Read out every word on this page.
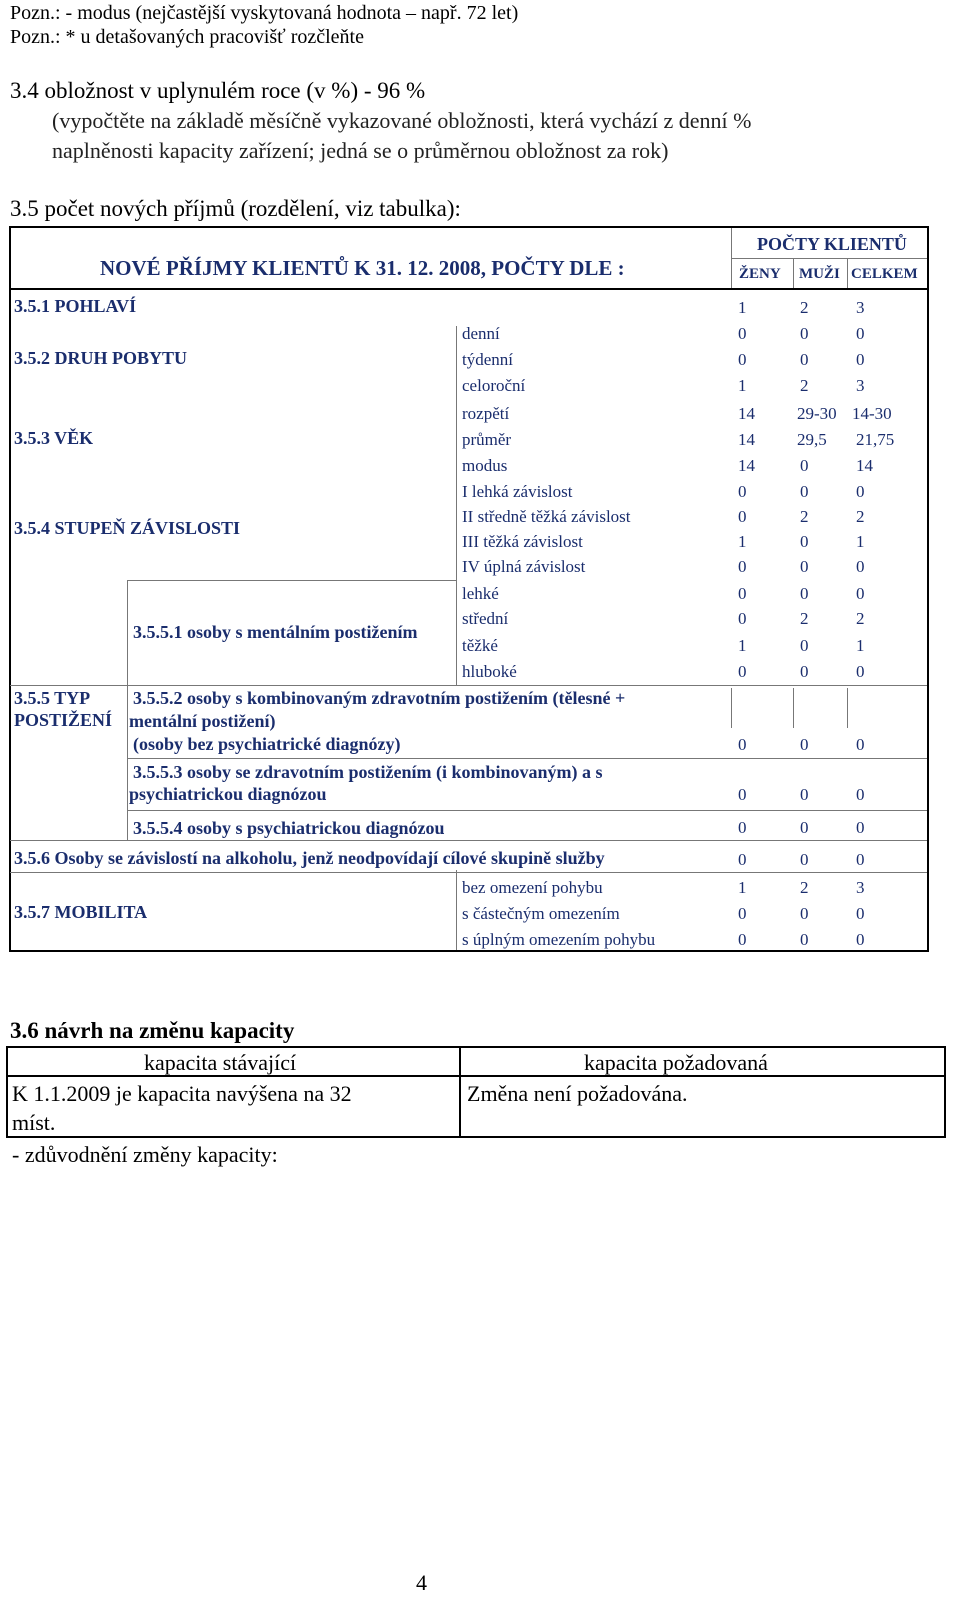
Pozn.: - modus (nejčastější vyskytovaná hodnota – např. 72 let)
Pozn.: * u detašovaných pracovišť rozčleňte
3.4 obložnost v uplynulém roce (v %) - 96 %
(vypočtěte na základě měsíčně vykazované obložnosti, která vychází z denní %
naplněnosti kapacity zařízení; jedná se o průměrnou obložnost za rok)
3.5 počet nových příjmů (rozdělení, viz tabulka):
NOVÉ PŘÍJMY KLIENTŮ K 31. 12. 2008, POČTY DLE :
POČTY KLIENTŮ
ŽENY MUŽI CELKEM
3.5.1 POHLAVÍ	1	2	3
3.5.2 DRUH POBYTU
denní	0	0	0
týdenní	0	0	0
celoroční	1	2	3
3.5.3 VĚK
rozpětí	14 29-30 14-30
průměr	14 29,5 21,75
modus	14	0	14
3.5.4 STUPEŇ ZÁVISLOSTI
I lehká závislost	0	0	0
II středně těžká závislost	0	2	2
III těžká závislost	1	0	1
IV úplná závislost	0	0	0
3.5.5 TYP
POSTIŽENÍ
3.5.5.1 osoby s mentálním postižením
lehké	0	0	0
střední	0	2	2
těžké	1	0	1
hluboké	0	0	0
3.5.5.2 osoby s kombinovaným zdravotním postižením (tělesné +
mentální postižení)
(osoby bez psychiatrické diagnózy)	0	0	0
3.5.5.3 osoby se zdravotním postižením (i kombinovaným) a s
psychiatrickou diagnózou	0	0	0
3.5.5.4 osoby s psychiatrickou diagnózou	0	0	0
3.5.6 Osoby se závislostí na alkoholu, jenž neodpovídají cílové skupině služby	0	0	0
3.5.7 MOBILITA
bez omezení pohybu	1	2	3
s částečným omezením	0	0	0
s úplným omezením pohybu	0	0	0
3.6 návrh na změnu kapacity
kapacita stávající	kapacita požadovaná
K 1.1.2009 je kapacita navýšena na 32
míst.
Změna není požadována.
- zdůvodnění změny kapacity:
4
